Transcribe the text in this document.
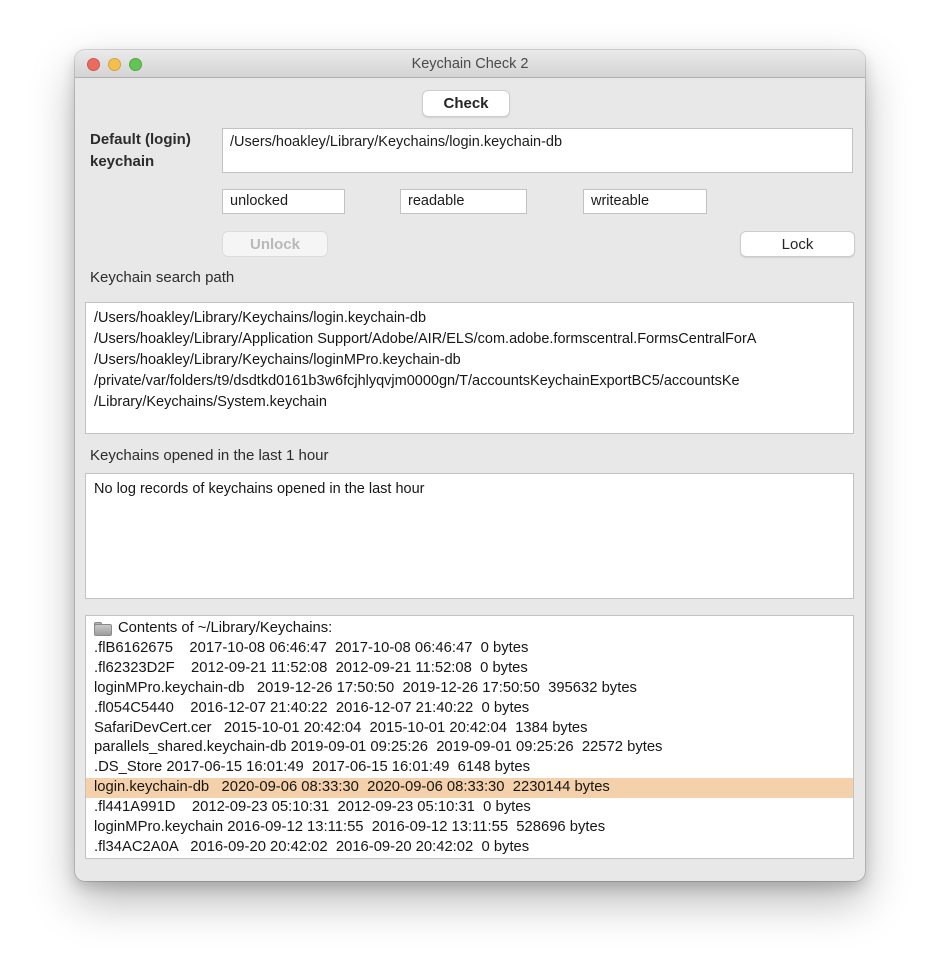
Keychain Check 2
Check
Default (login) keychain
/Users/hoakley/Library/Keychains/login.keychain-db
unlocked	readable	writeable
Unlock	Lock
Keychain search path
/Users/hoakley/Library/Keychains/login.keychain-db
/Users/hoakley/Library/Application Support/Adobe/AIR/ELS/com.adobe.formscentral.FormsCentralForA
/Users/hoakley/Library/Keychains/loginMPro.keychain-db
/private/var/folders/t9/dsdtkd0161b3w6fcjhlyqvjm0000gn/T/accountsKeychainExportBC5/accountsKe
/Library/Keychains/System.keychain
Keychains opened in the last 1 hour
No log records of keychains opened in the last hour
Contents of ~/Library/Keychains:
.flB6162675    2017-10-08 06:46:47  2017-10-08 06:46:47  0 bytes
.fl62323D2F    2012-09-21 11:52:08  2012-09-21 11:52:08  0 bytes
loginMPro.keychain-db   2019-12-26 17:50:50  2019-12-26 17:50:50  395632 bytes
.fl054C5440    2016-12-07 21:40:22  2016-12-07 21:40:22  0 bytes
SafariDevCert.cer   2015-10-01 20:42:04  2015-10-01 20:42:04  1384 bytes
parallels_shared.keychain-db 2019-09-01 09:25:26  2019-09-01 09:25:26  22572 bytes
.DS_Store 2017-06-15 16:01:49  2017-06-15 16:01:49  6148 bytes
login.keychain-db   2020-09-06 08:33:30  2020-09-06 08:33:30  2230144 bytes
.fl441A991D    2012-09-23 05:10:31  2012-09-23 05:10:31  0 bytes
loginMPro.keychain 2016-09-12 13:11:55  2016-09-12 13:11:55  528696 bytes
.fl34AC2A0A   2016-09-20 20:42:02  2016-09-20 20:42:02  0 bytes
